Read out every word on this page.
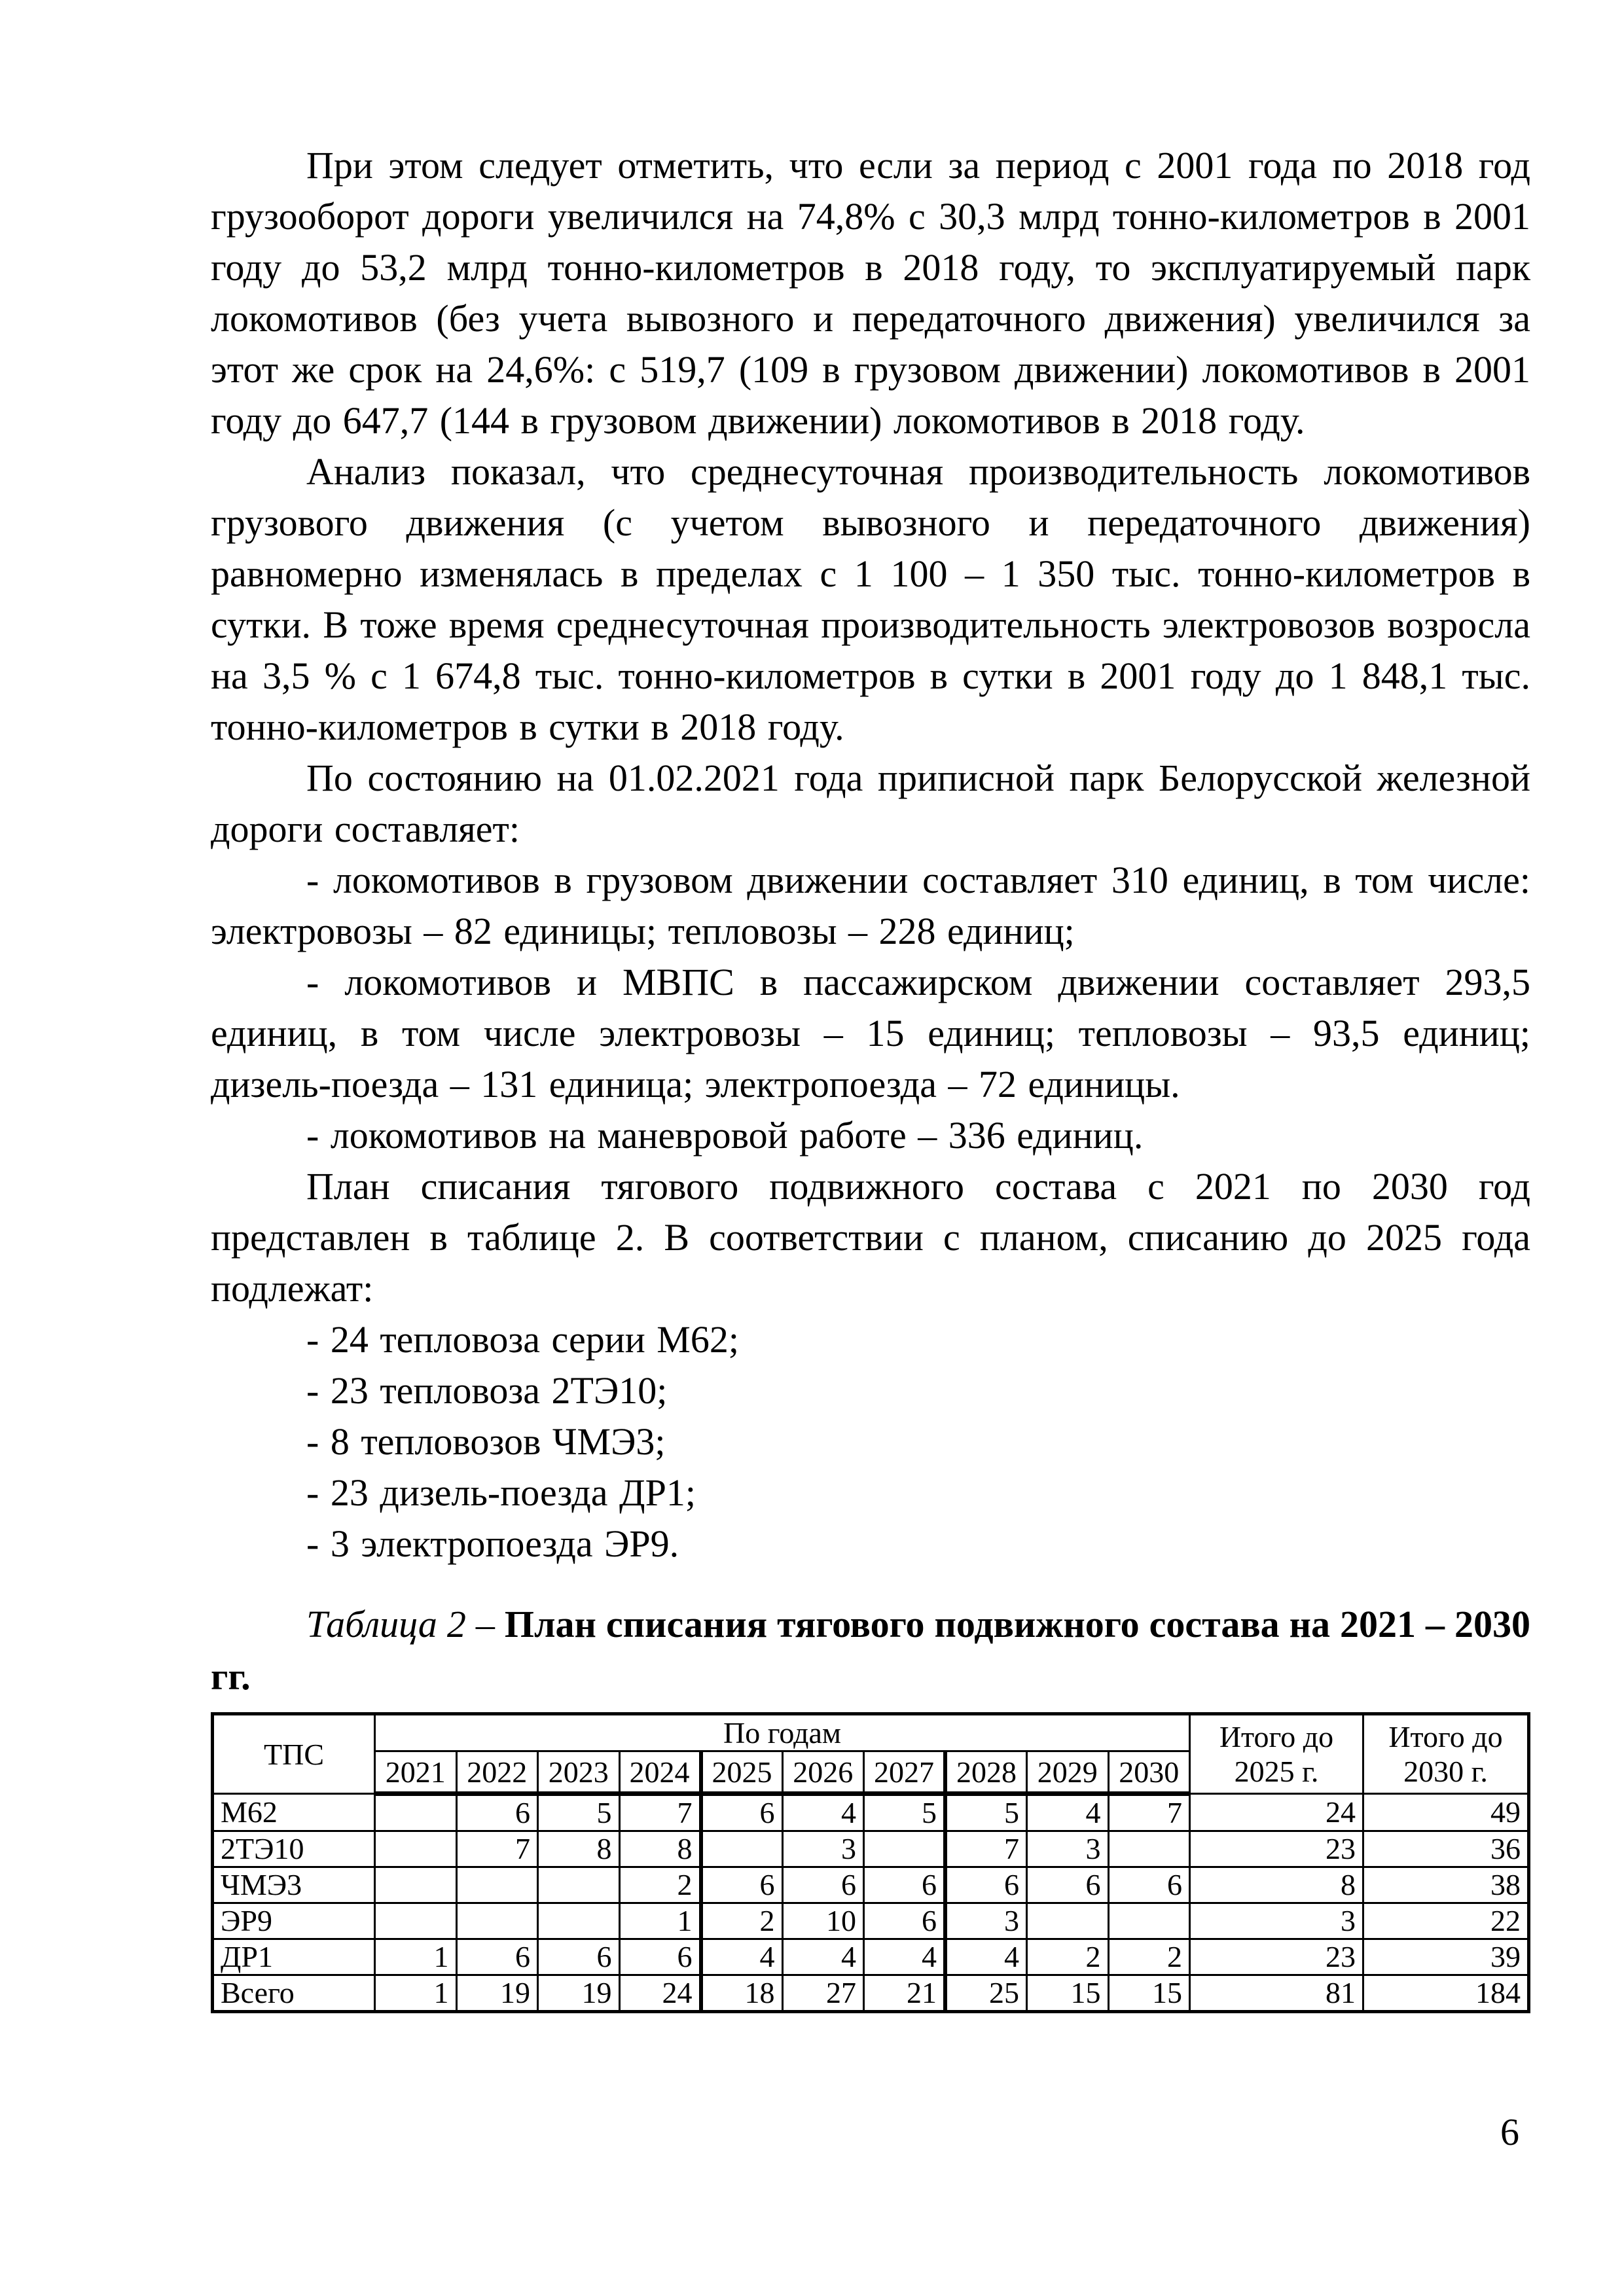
При этом следует отметить, что если за период с 2001 года по 2018 год грузооборот дороги увеличился на 74,8% с 30,3 млрд тонно-километров в 2001 году до 53,2 млрд тонно-километров в 2018 году, то эксплуатируемый парк локомотивов (без учета вывозного и передаточного движения) увеличился за этот же срок на 24,6%: с 519,7 (109 в грузовом движении) локомотивов в 2001 году до 647,7 (144 в грузовом движении) локомотивов в 2018 году.

Анализ показал, что среднесуточная производительность локомотивов грузового движения (с учетом вывозного и передаточного движения) равномерно изменялась в пределах с 1 100 – 1 350 тыс. тонно-километров в сутки. В тоже время среднесуточная производительность электровозов возросла на 3,5 % с 1 674,8 тыс. тонно-километров в сутки в 2001 году до 1 848,1 тыс. тонно-километров в сутки в 2018 году.

По состоянию на 01.02.2021 года приписной парк Белорусской железной дороги составляет:

- локомотивов в грузовом движении составляет 310 единиц, в том числе: электровозы – 82 единицы; тепловозы – 228 единиц;

- локомотивов и МВПС в пассажирском движении составляет 293,5 единиц, в том числе электровозы – 15 единиц; тепловозы – 93,5 единиц; дизель-поезда – 131 единица; электропоезда – 72 единицы.

- локомотивов на маневровой работе – 336 единиц.

План списания тягового подвижного состава с 2021 по 2030 год представлен в таблице 2. В соответствии с планом, списанию до 2025 года подлежат:

- 24 тепловоза серии М62;

- 23 тепловоза 2ТЭ10;

- 8 тепловозов ЧМЭ3;

- 23 дизель-поезда ДР1;

- 3 электропоезда ЭР9.

Таблица 2 – План списания тягового подвижного состава на 2021 – 2030 гг.

ТПС	По годам										Итого до 2025 г.	Итого до 2030 г.
	2021	2022	2023	2024	2025	2026	2027	2028	2029	2030		
М62		6	5	7	6	4	5	5	4	7	24	49
2ТЭ10		7	8	8		3		7	3		23	36
ЧМЭ3				2	6	6	6	6	6	6	8	38
ЭР9				1	2	10	6	3			3	22
ДР1	1	6	6	6	4	4	4	4	2	2	23	39
Всего	1	19	19	24	18	27	21	25	15	15	81	184
6
